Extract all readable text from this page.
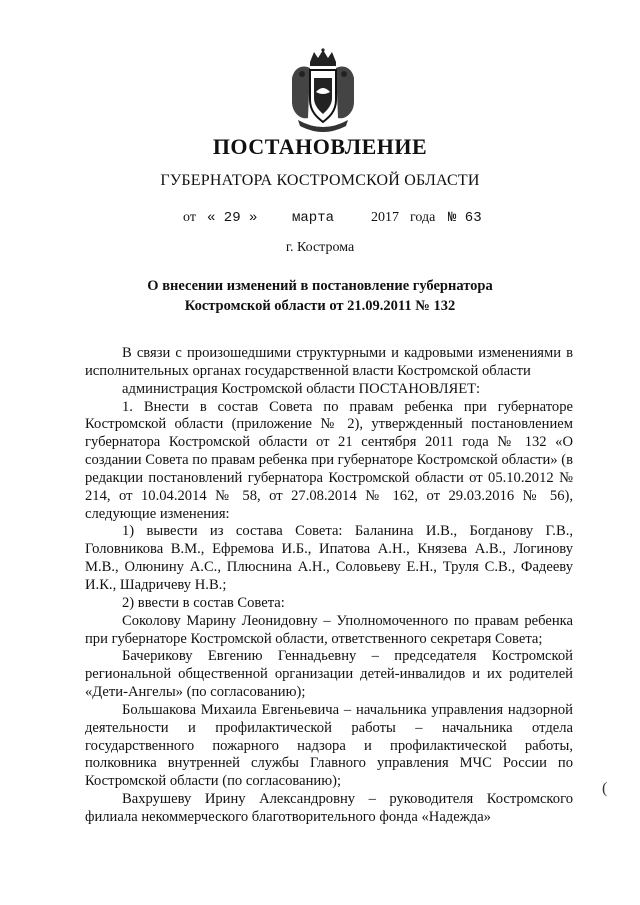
ПОСТАНОВЛЕНИЕ
ГУБЕРНАТОРА КОСТРОМСКОЙ ОБЛАСТИ
от « 29 » марта	2017 года № 63
г. Кострома
О внесении изменений в постановление губернатора
Костромской области от 21.09.2011 № 132

В связи с произошедшими структурными и кадровыми изменениями в исполнительных органах государственной власти Костромской области

администрация Костромской области ПОСТАНОВЛЯЕТ:

1. Внести в состав Совета по правам ребенка при губернаторе Костромской области (приложение № 2), утвержденный постановлением губернатора Костромской области от 21 сентября 2011 года № 132 «О создании Совета по правам ребенка при губернаторе Костромской области» (в редакции постановлений губернатора Костромской области от 05.10.2012 № 214, от 10.04.2014 № 58, от 27.08.2014 № 162, от 29.03.2016 № 56), следующие изменения:

1) вывести из состава Совета: Баланина И.В., Богданову Г.В., Головникова В.М., Ефремова И.Б., Ипатова А.Н., Князева А.В., Логинову М.В., Олюнину А.С., Плюснина А.Н., Соловьеву Е.Н., Труля С.В., Фадееву И.К., Шадричеву Н.В.;

2) ввести в состав Совета:

Соколову Марину Леонидовну – Уполномоченного по правам ребенка при губернаторе Костромской области, ответственного секретаря Совета;

Бачерикову Евгению Геннадьевну – председателя Костромской региональной общественной организации детей-инвалидов и их родителей «Дети-Ангелы» (по согласованию);

Большакова Михаила Евгеньевича – начальника управления надзорной деятельности и профилактической работы – начальника отдела государственного пожарного надзора и профилактической работы, полковника внутренней службы Главного управления МЧС России по Костромской области (по согласованию);

Вахрушеву Ирину Александровну – руководителя Костромского филиала некоммерческого благотворительного фонда «Надежда»

(
